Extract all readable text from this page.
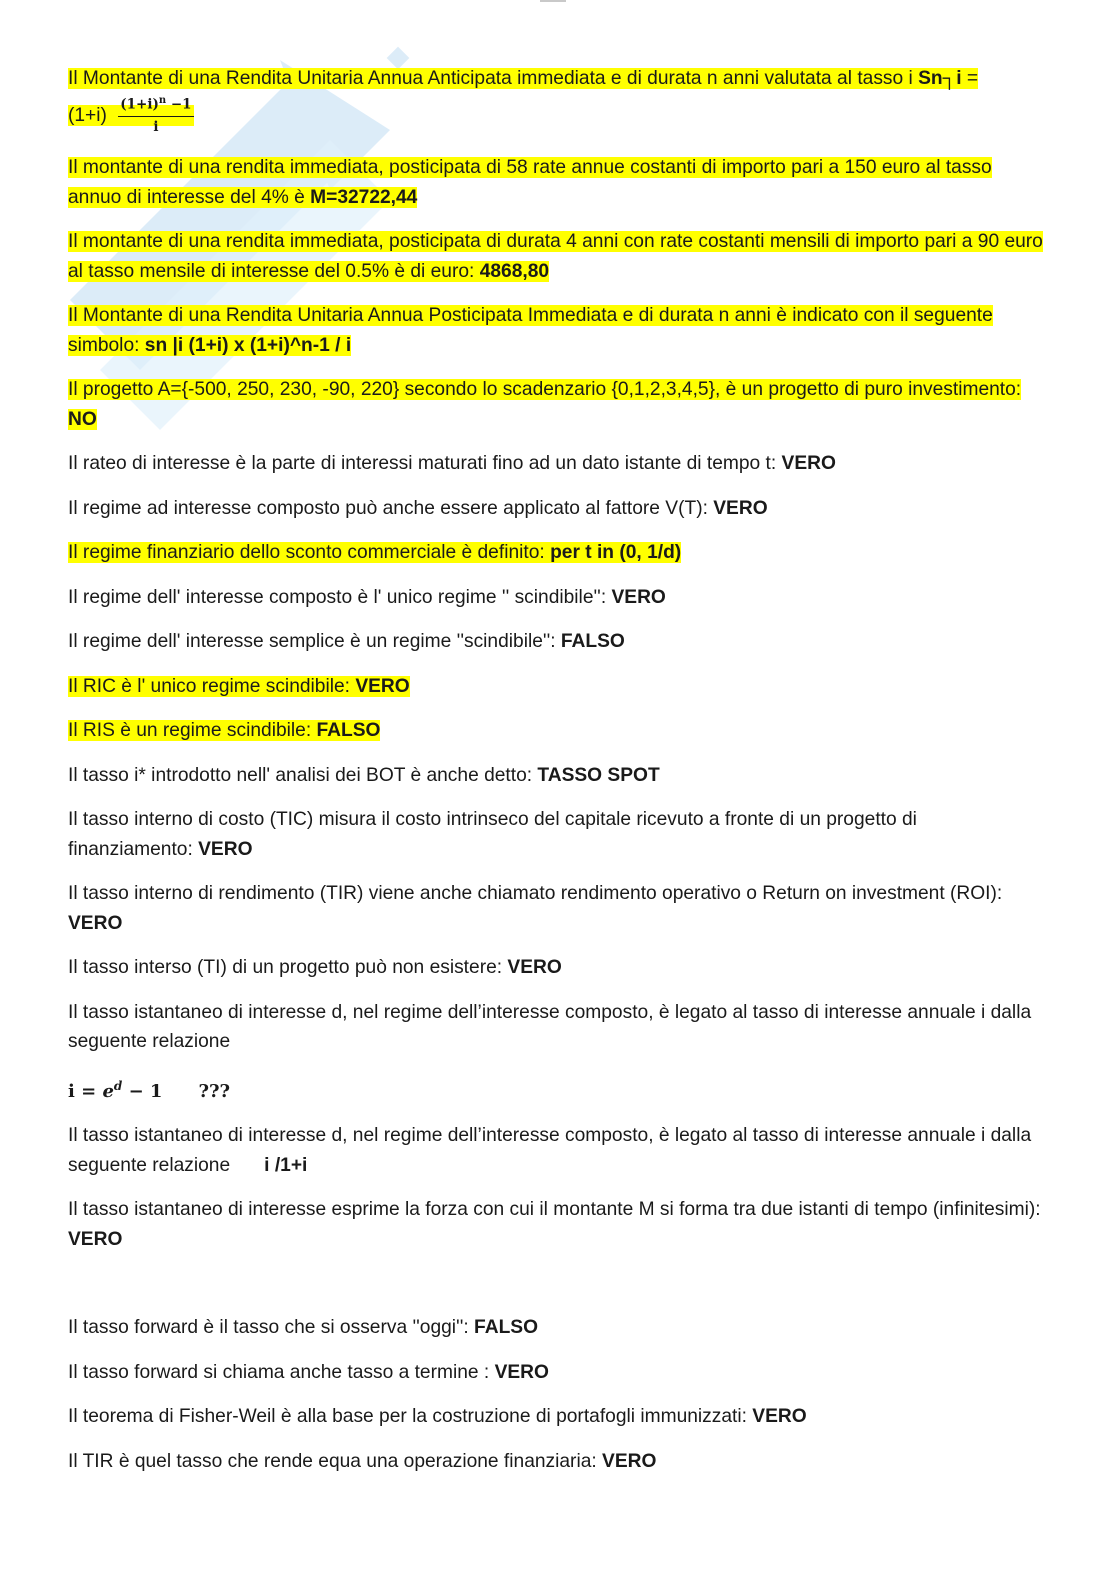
Il Montante di una Rendita Unitaria Annua Anticipata immediata e di durata n anni valutata al tasso i Sn┐i =
$(1+i) \frac{(1+i)^n -1}{i}$
Il montante di una rendita immediata, posticipata di 58 rate annue costanti di importo pari a 150 euro al tasso annuo di interesse del 4% è M=32722,44
Il montante di una rendita immediata, posticipata di durata 4 anni con rate costanti mensili di importo pari a 90 euro al tasso mensile di interesse del 0.5% è di euro: 4868,80
Il Montante di una Rendita Unitaria Annua Posticipata Immediata e di durata n anni è indicato con il seguente simbolo: sn |i (1+i) x (1+i)^n-1 / i
Il progetto A={-500, 250, 230, -90, 220} secondo lo scadenzario {0,1,2,3,4,5}, è un progetto di puro investimento: NO
Il rateo di interesse è la parte di interessi maturati fino ad un dato istante di tempo t: VERO
Il regime ad interesse composto può anche essere applicato al fattore V(T): VERO
Il regime finanziario dello sconto commerciale è definito: per t in (0, 1/d)
Il regime dell' interesse composto è l' unico regime '' scindibile'': VERO
Il regime dell' interesse semplice è un regime ''scindibile'': FALSO
Il RIC è l' unico regime scindibile: VERO
Il RIS è un regime scindibile: FALSO
Il tasso i* introdotto nell' analisi dei BOT è anche detto: TASSO SPOT
Il tasso interno di costo (TIC) misura il costo intrinseco del capitale ricevuto a fronte di un progetto di finanziamento: VERO
Il tasso interno di rendimento (TIR) viene anche chiamato rendimento operativo o Return on investment (ROI): VERO
Il tasso interso (TI) di un progetto può non esistere: VERO
Il tasso istantaneo di interesse d, nel regime dell’interesse composto, è legato al tasso di interesse annuale i dalla seguente relazione
$i = e^d - 1$ ???
Il tasso istantaneo di interesse d, nel regime dell’interesse composto, è legato al tasso di interesse annuale i dalla seguente relazione i /1+i
Il tasso istantaneo di interesse esprime la forza con cui il montante M si forma tra due istanti di tempo (infinitesimi): VERO
Il tasso forward è il tasso che si osserva ''oggi'': FALSO
Il tasso forward si chiama anche tasso a termine : VERO
Il teorema di Fisher-Weil è alla base per la costruzione di portafogli immunizzati: VERO
Il TIR è quel tasso che rende equa una operazione finanziaria: VERO
